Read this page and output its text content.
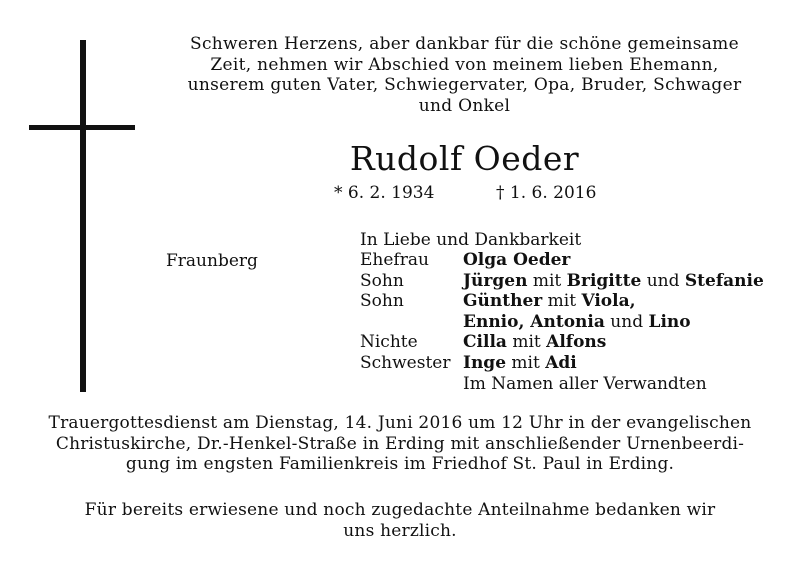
Schweren Herzens, aber dankbar für die schöne gemeinsame
Zeit, nehmen wir Abschied von meinem lieben Ehemann,
unserem guten Vater, Schwiegervater, Opa, Bruder, Schwager
und Onkel
Rudolf Oeder
* 6. 2. 1934	† 1. 6. 2016
In Liebe und Dankbarkeit
Fraunberg	Ehefrau	Olga Oeder
Sohn	Jürgen mit Brigitte und Stefanie
Sohn	Günther mit Viola,
Ennio, Antonia und Lino
Nichte	Cilla mit Alfons
Schwester Inge mit Adi
Im Namen aller Verwandten
Trauergottesdienst am Dienstag, 14. Juni 2016 um 12 Uhr in der evangelischen
Christuskirche, Dr.-Henkel-Straße in Erding mit anschließender Urnenbeerdi-
gung im engsten Familienkreis im Friedhof St. Paul in Erding.
Für bereits erwiesene und noch zugedachte Anteilnahme bedanken wir
uns herzlich.
